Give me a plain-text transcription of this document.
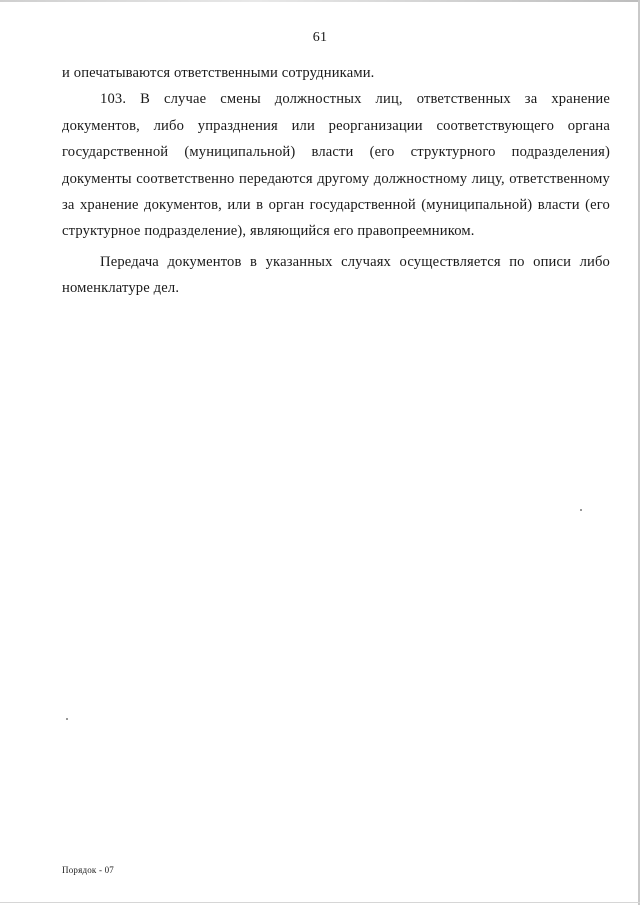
61

и опечатываются ответственными сотрудниками.

103. В случае смены должностных лиц, ответственных за хранение документов, либо упразднения или реорганизации соответствующего органа государственной (муниципальной) власти (его структурного подразделения) документы соответственно передаются другому должностному лицу, ответственному за хранение документов, или в орган государственной (муниципальной) власти (его структурное подразделение), являющийся его правопреемником.

Передача документов в указанных случаях осуществляется по описи либо номенклатуре дел.

Порядок - 07
